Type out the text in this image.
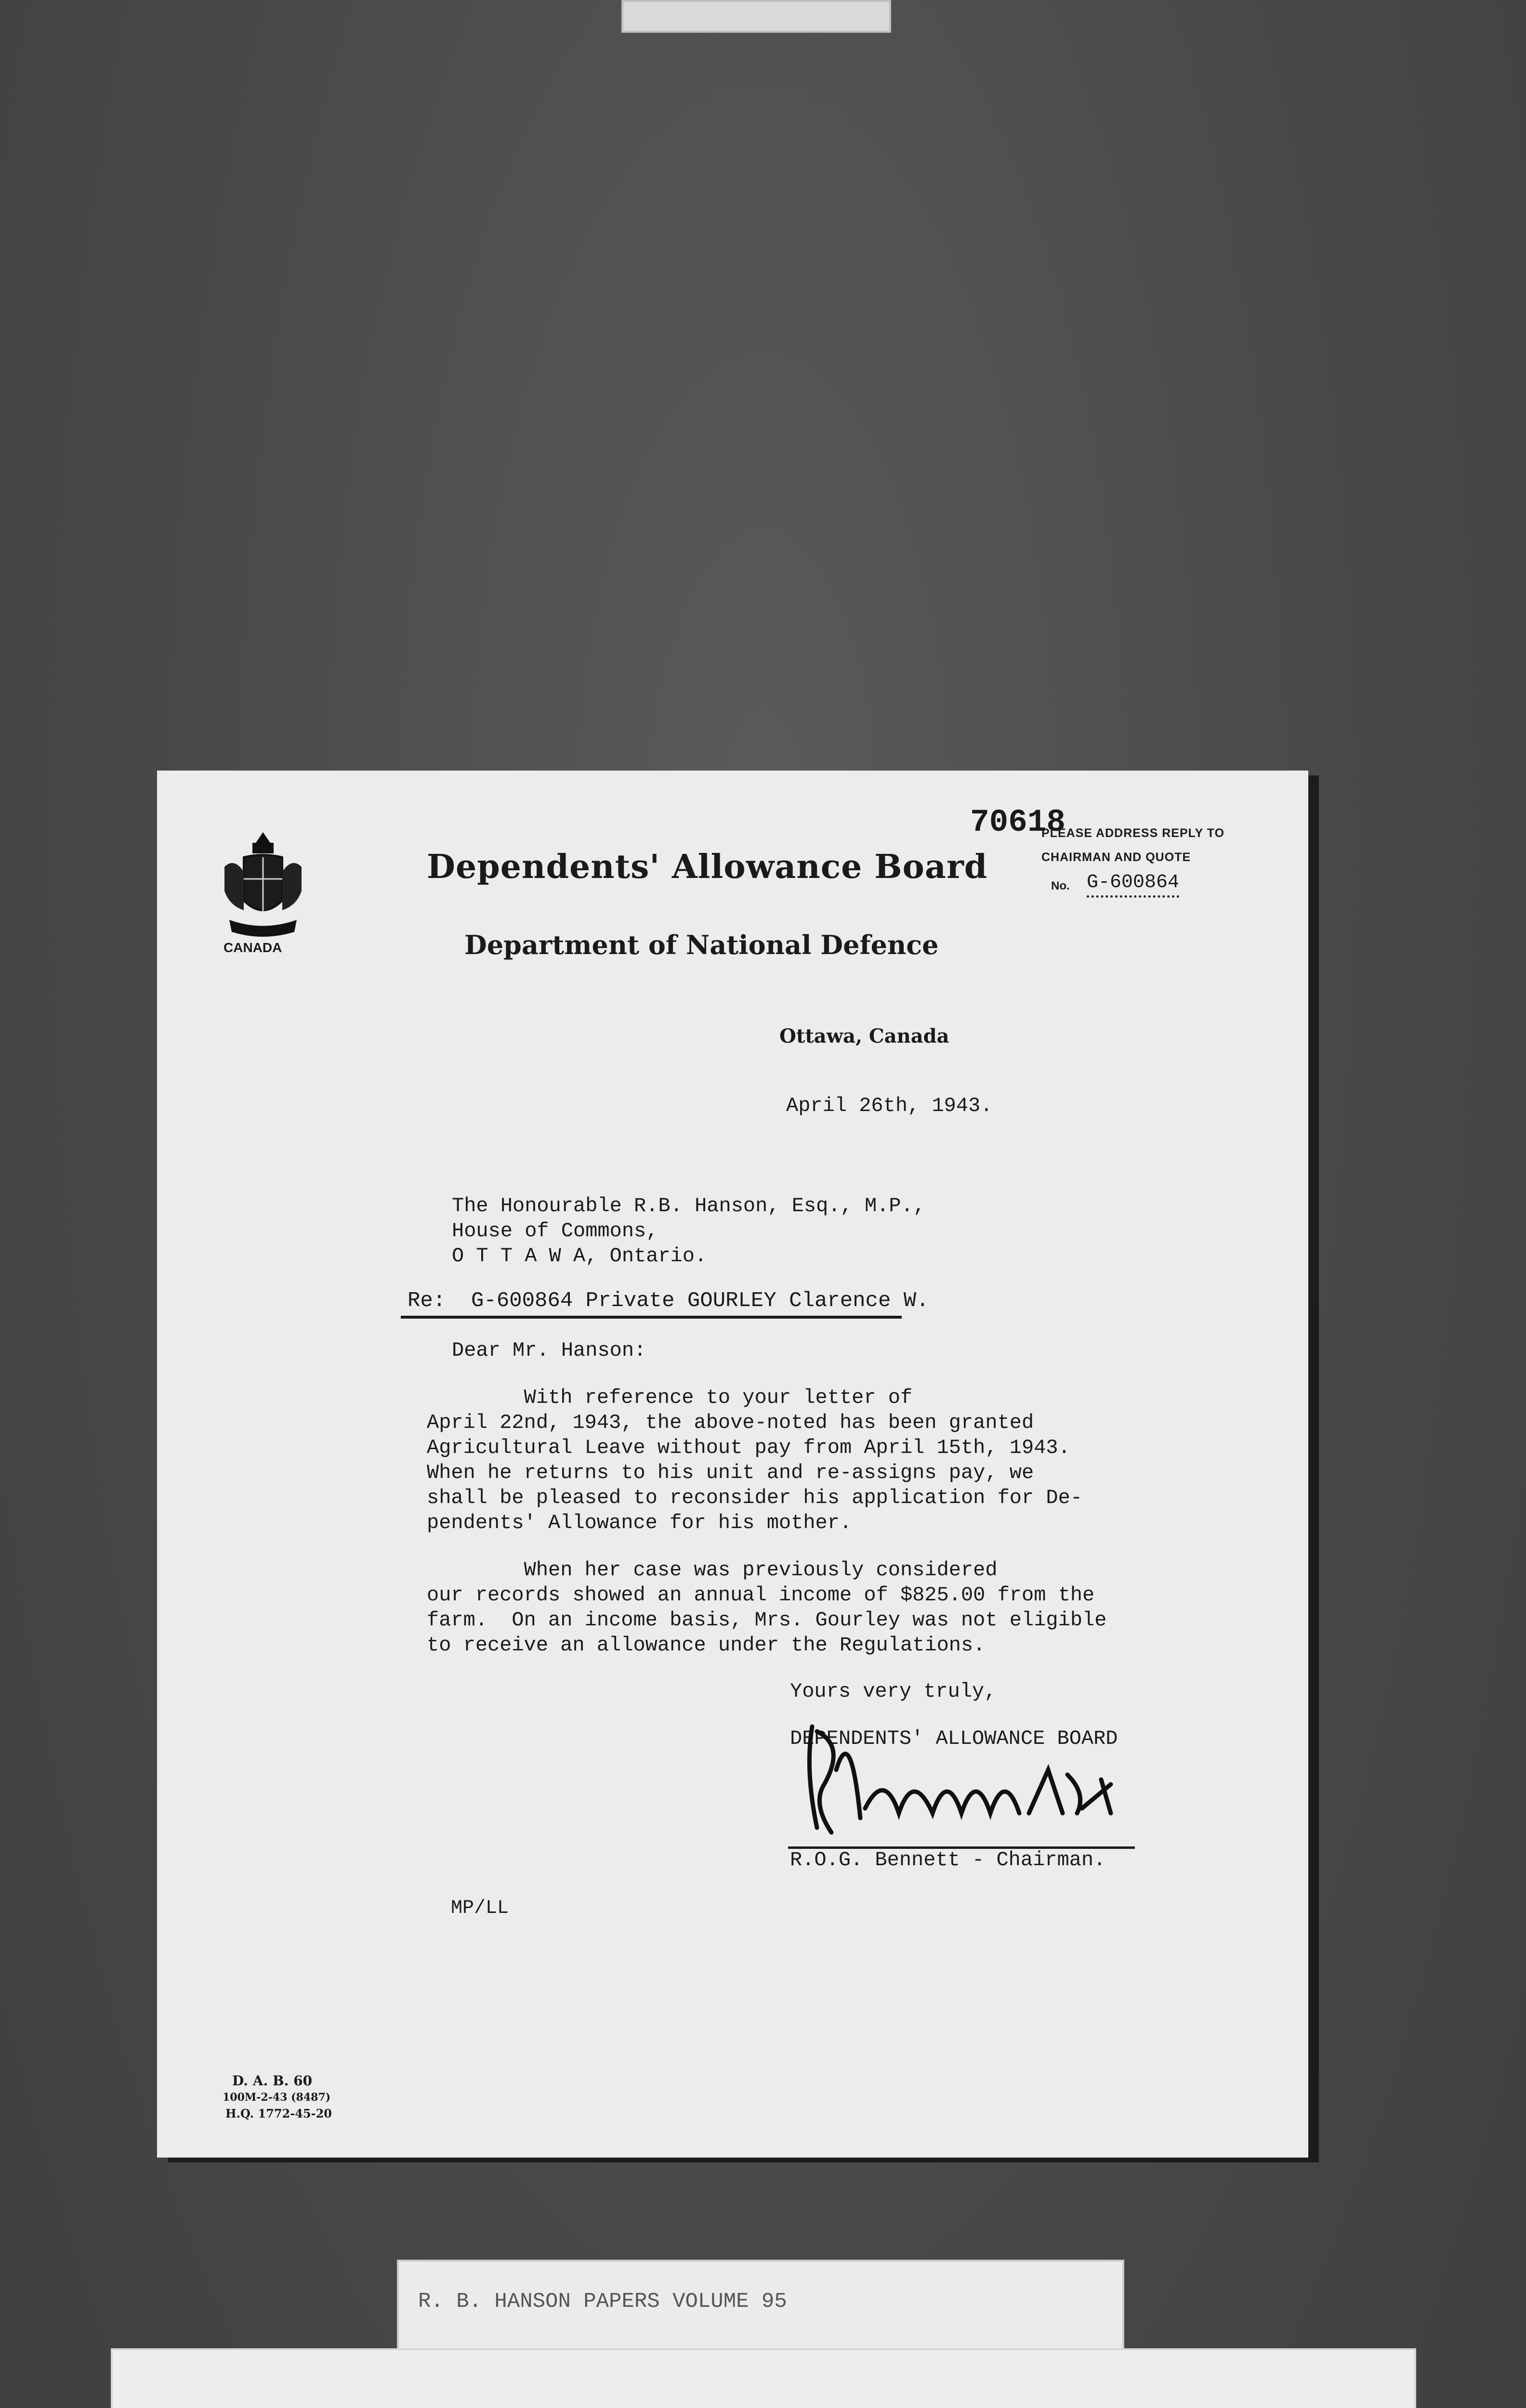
CANADA
Dependents' Allowance Board
Department of National Defence
70618
PLEASE ADDRESS REPLY TO
CHAIRMAN AND QUOTE
No. G-600864
Ottawa, Canada
April 26th, 1943.
The Honourable R.B. Hanson, Esq., M.P.,
House of Commons,
O T T A W A, Ontario.
Re:  G-600864 Private GOURLEY Clarence W.
Dear Mr. Hanson:
With reference to your letter of
April 22nd, 1943, the above-noted has been granted
Agricultural Leave without pay from April 15th, 1943.
When he returns to his unit and re-assigns pay, we
shall be pleased to reconsider his application for De-
pendents' Allowance for his mother.
When her case was previously considered
our records showed an annual income of $825.00 from the
farm.  On an income basis, Mrs. Gourley was not eligible
to receive an allowance under the Regulations.
Yours very truly,
DEPENDENTS' ALLOWANCE BOARD
R.O.G. Bennett - Chairman.
MP/LL
D. A. B. 60
100M-2-43 (8487)
H.Q. 1772-45-20
R. B. HANSON PAPERS VOLUME 95
